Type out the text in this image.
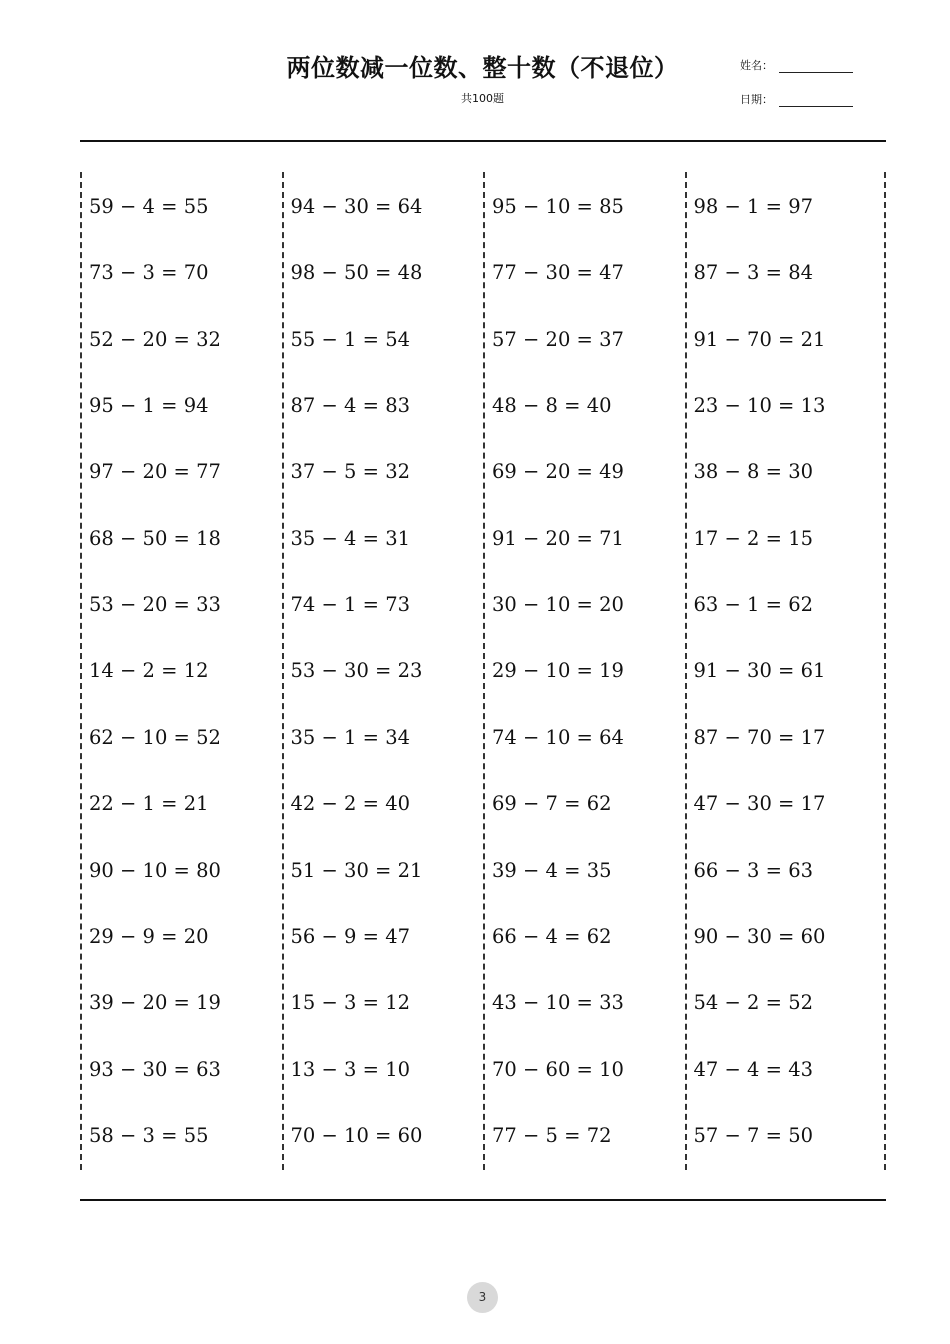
两位数减一位数、整十数（不退位）
共100题
姓名：
日期：
59 − 4 = 55
73 − 3 = 70
52 − 20 = 32
95 − 1 = 94
97 − 20 = 77
68 − 50 = 18
53 − 20 = 33
14 − 2 = 12
62 − 10 = 52
22 − 1 = 21
90 − 10 = 80
29 − 9 = 20
39 − 20 = 19
93 − 30 = 63
58 − 3 = 55
94 − 30 = 64
98 − 50 = 48
55 − 1 = 54
87 − 4 = 83
37 − 5 = 32
35 − 4 = 31
74 − 1 = 73
53 − 30 = 23
35 − 1 = 34
42 − 2 = 40
51 − 30 = 21
56 − 9 = 47
15 − 3 = 12
13 − 3 = 10
70 − 10 = 60
95 − 10 = 85
77 − 30 = 47
57 − 20 = 37
48 − 8 = 40
69 − 20 = 49
91 − 20 = 71
30 − 10 = 20
29 − 10 = 19
74 − 10 = 64
69 − 7 = 62
39 − 4 = 35
66 − 4 = 62
43 − 10 = 33
70 − 60 = 10
77 − 5 = 72
98 − 1 = 97
87 − 3 = 84
91 − 70 = 21
23 − 10 = 13
38 − 8 = 30
17 − 2 = 15
63 − 1 = 62
91 − 30 = 61
87 − 70 = 17
47 − 30 = 17
66 − 3 = 63
90 − 30 = 60
54 − 2 = 52
47 − 4 = 43
57 − 7 = 50
3
